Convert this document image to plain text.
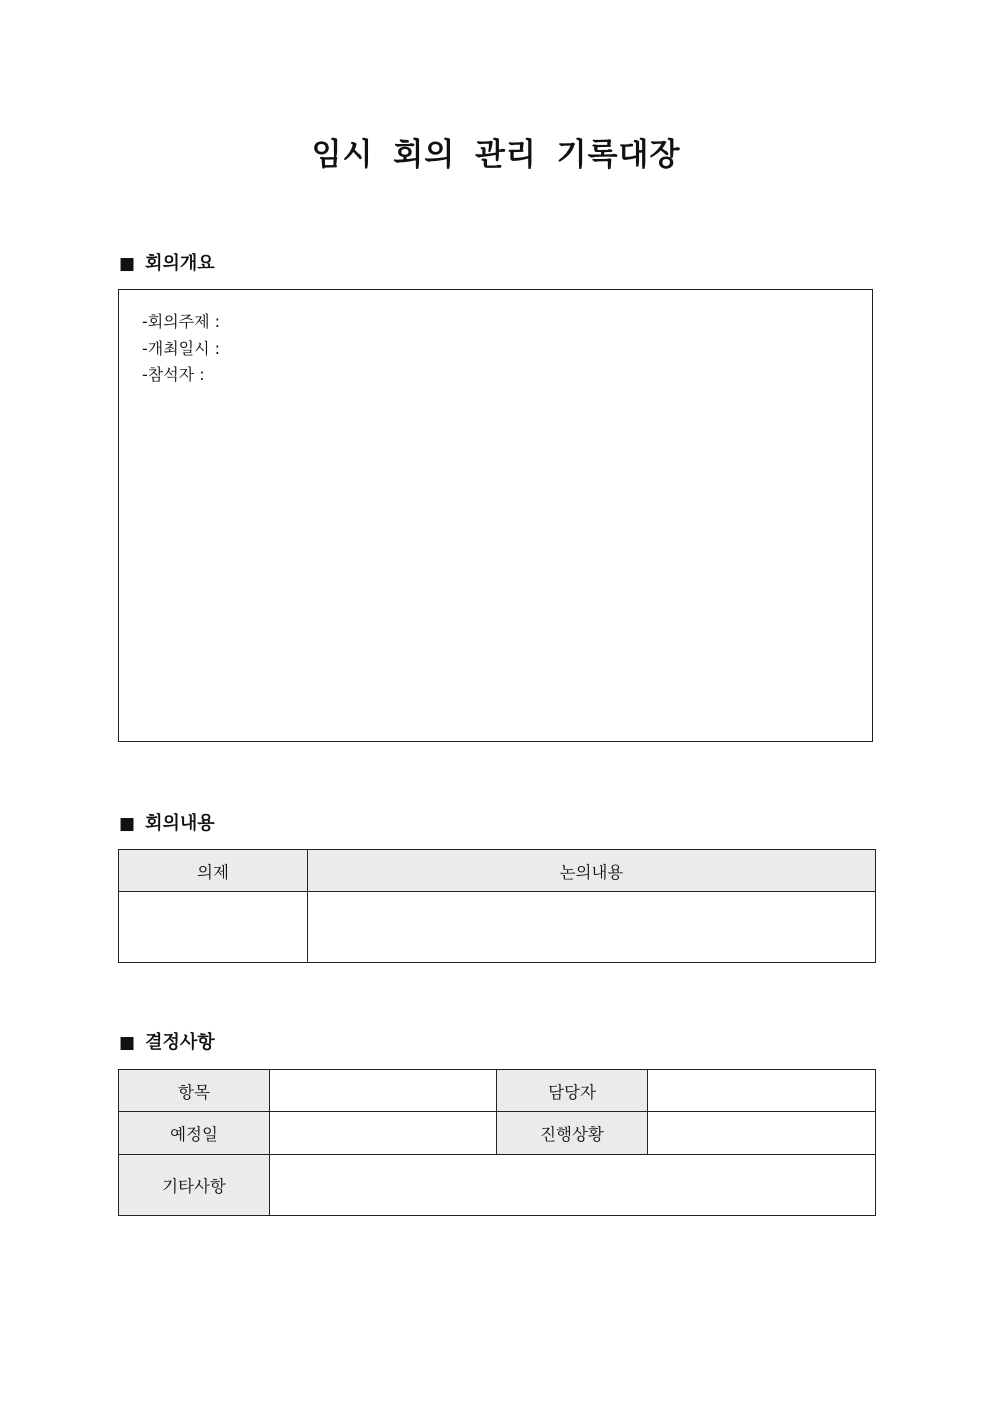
임시 회의 관리 기록대장
■ 회의개요
-회의주제 :
-개최일시 :
-참석자 :
■ 회의내용
의제	논의내용

■ 결정사항
항목		담당자	
예정일		진행상황	
기타사항			
